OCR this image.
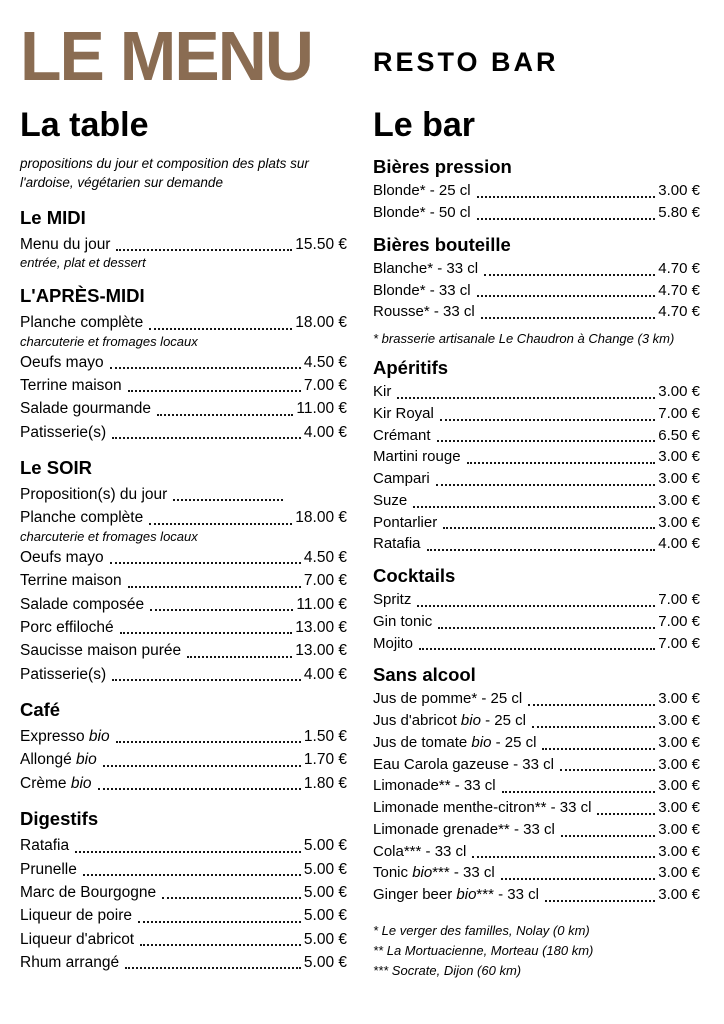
LE MENU	RESTO BAR
La table

propositions du jour et composition des plats sur l'ardoise, végétarien sur demande

Le MIDI
Menu du jour	15.50 €
entrée, plat et dessert
L'APRÈS-MIDI
Planche complète	18.00 €
charcuterie et fromages locaux
Oeufs mayo	4.50 €
Terrine maison	7.00 €
Salade gourmande	11.00 €
Patisserie(s)	4.00 €
Le SOIR
Proposition(s) du jour
Planche complète	18.00 €
charcuterie et fromages locaux
Oeufs mayo	4.50 €
Terrine maison	7.00 €
Salade composée	11.00 €
Porc effiloché	13.00 €
Saucisse maison purée	13.00 €
Patisserie(s)	4.00 €
Café
Expresso bio	1.50 €
Allongé bio	1.70 €
Crème bio	1.80 €
Digestifs
Ratafia	5.00 €
Prunelle	5.00 €
Marc de Bourgogne	5.00 €
Liqueur de poire	5.00 €
Liqueur d'abricot	5.00 €
Rhum arrangé	5.00 €
Le bar
Bières pression
Blonde* - 25 cl	3.00 €
Blonde* - 50 cl	5.80 €
Bières bouteille
Blanche* - 33 cl	4.70 €
Blonde* - 33 cl	4.70 €
Rousse* - 33 cl	4.70 €
* brasserie artisanale Le Chaudron à Change (3 km)
Apéritifs
Kir	3.00 €
Kir Royal	7.00 €
Crémant	6.50 €
Martini rouge	3.00 €
Campari	3.00 €
Suze	3.00 €
Pontarlier	3.00 €
Ratafia	4.00 €
Cocktails
Spritz	7.00 €
Gin tonic	7.00 €
Mojito	7.00 €
Sans alcool
Jus de pomme* - 25 cl	3.00 €
Jus d'abricot bio - 25 cl	3.00 €
Jus de tomate bio - 25 cl	3.00 €
Eau Carola gazeuse - 33 cl	3.00 €
Limonade** - 33 cl	3.00 €
Limonade menthe-citron** - 33 cl	3.00 €
Limonade grenade** - 33 cl	3.00 €
Cola*** - 33 cl	3.00 €
Tonic bio*** - 33 cl	3.00 €
Ginger beer bio*** - 33 cl	3.00 €
* Le verger des familles, Nolay (0 km)
** La Mortuacienne, Morteau (180 km)
*** Socrate, Dijon (60 km)
